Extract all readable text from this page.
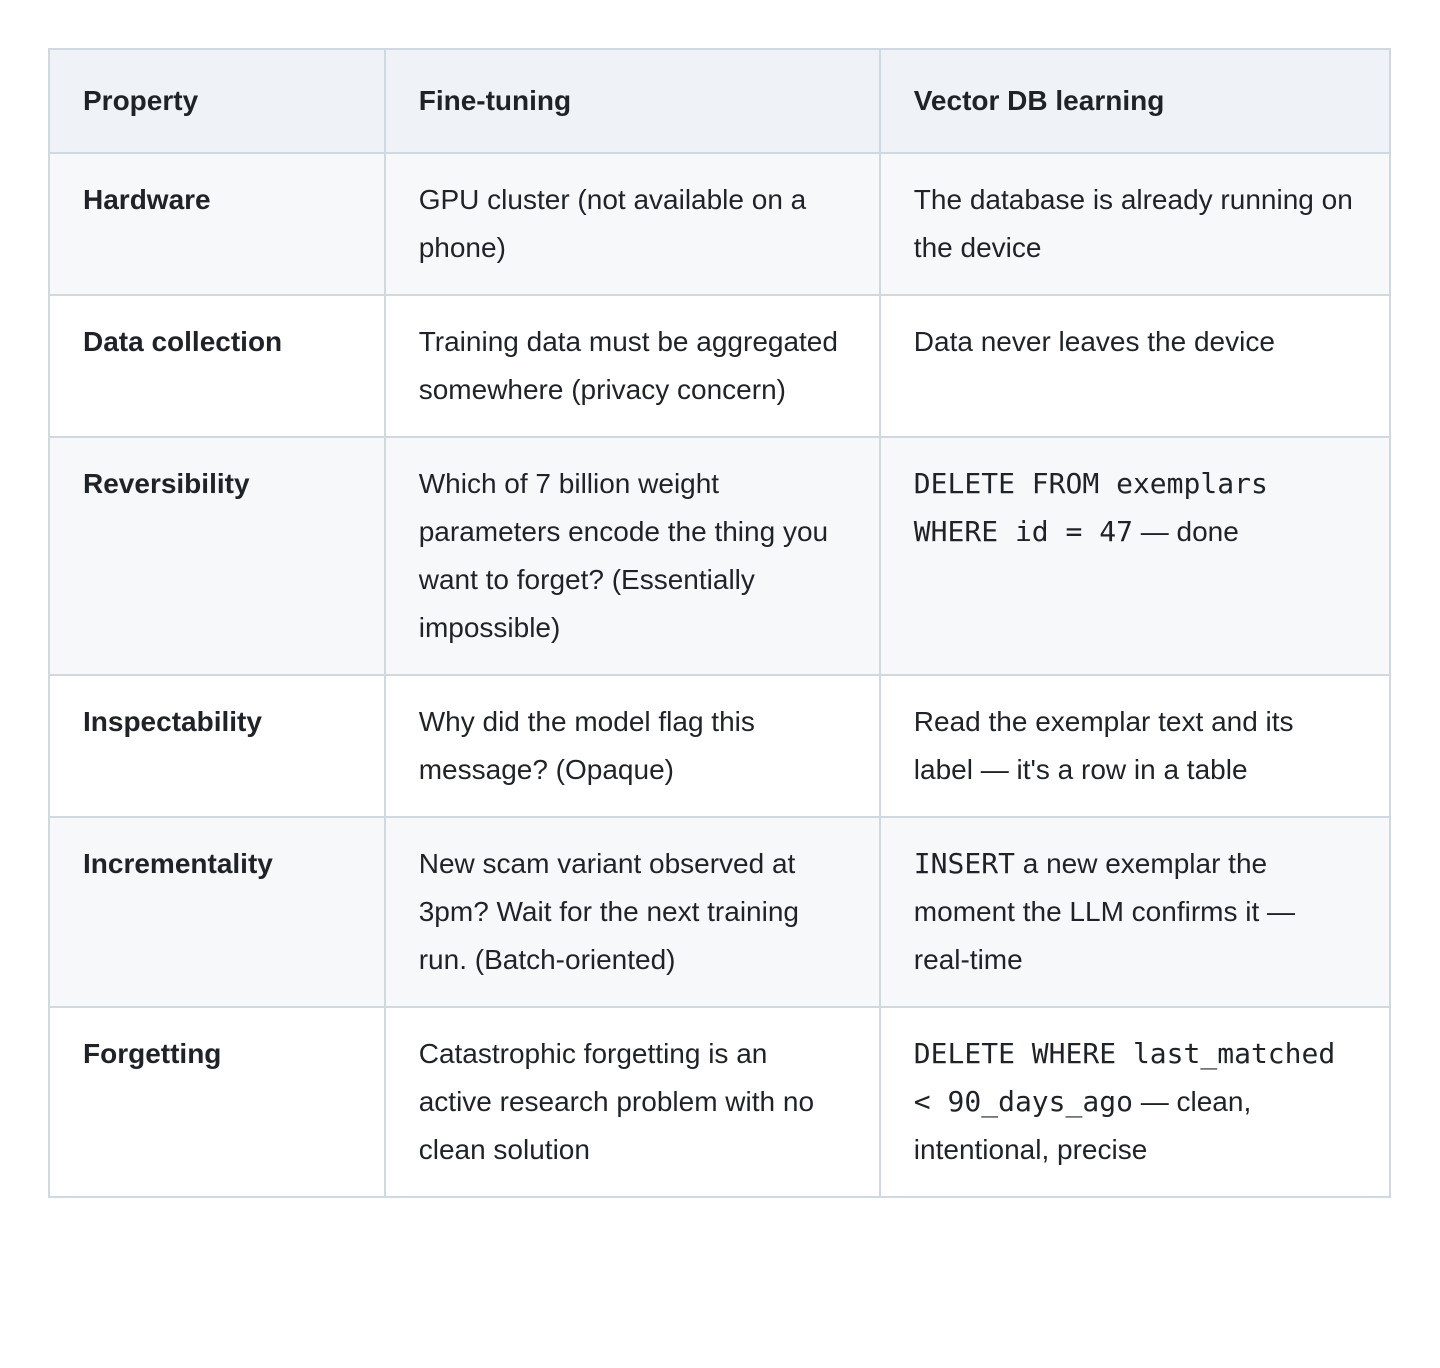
Property	Fine-tuning	Vector DB learning
Hardware	GPU cluster (not available on a phone)	The database is already running on the device
Data collection	Training data must be aggregated somewhere (privacy concern)	Data never leaves the device
Reversibility	Which of 7 billion weight parameters encode the thing you want to forget? (Essentially impossible)	DELETE FROM exemplars WHERE id = 47 — done
Inspectability	Why did the model flag this message? (Opaque)	Read the exemplar text and its label — it's a row in a table
Incrementality	New scam variant observed at 3pm? Wait for the next training run. (Batch-oriented)	INSERT a new exemplar the moment the LLM confirms it — real-time
Forgetting	Catastrophic forgetting is an active research problem with no clean solution	DELETE WHERE last_matched < 90_days_ago — clean, intentional, precise
